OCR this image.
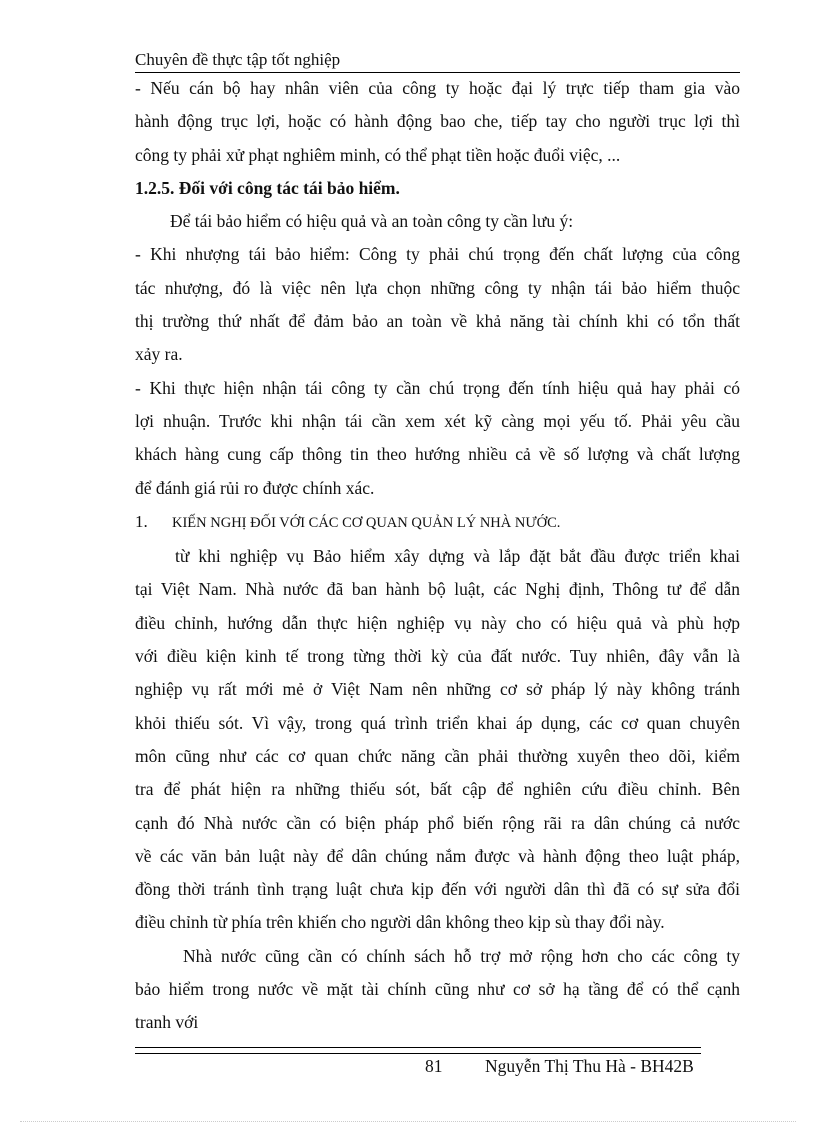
Chuyên đề thực tập tốt nghiệp

- Nếu cán bộ hay nhân viên của công ty hoặc đại lý trực tiếp tham gia vào
hành động trục lợi, hoặc có hành động bao che, tiếp tay cho người trục lợi thì
công ty phải xử phạt nghiêm minh, có thể phạt tiền hoặc đuổi việc, ...

1.2.5. Đối với công tác tái bảo hiểm.

Để tái bảo hiểm có hiệu quả và an toàn công ty cần lưu ý:

- Khi nhượng tái bảo hiểm: Công ty phải chú trọng đến chất lượng của công
tác nhượng, đó là việc nên lựa chọn những công ty nhận tái bảo hiểm thuộc
thị trường thứ nhất để đảm bảo an toàn về khả năng tài chính khi có tổn thất
xảy ra.

- Khi thực hiện nhận tái công ty cần chú trọng đến tính hiệu quả hay phải có
lợi nhuận. Trước khi nhận tái cần xem xét kỹ càng mọi yếu tố. Phải yêu cầu
khách hàng cung cấp thông tin theo hướng nhiều cả về số lượng và chất lượng
để đánh giá rủi ro được chính xác.

1. KIẾN NGHỊ ĐỐI VỚI CÁC CƠ QUAN QUẢN LÝ NHÀ NƯỚC.

từ khi nghiệp vụ Bảo hiểm xây dựng và lắp đặt bắt đầu được triển khai
tại Việt Nam. Nhà nước đã ban hành bộ luật, các Nghị định, Thông tư để dẫn
điều chỉnh, hướng dẫn thực hiện nghiệp vụ này cho có hiệu quả và phù hợp
với điều kiện kinh tế trong từng thời kỳ của đất nước. Tuy nhiên, đây vẫn là
nghiệp vụ rất mới mẻ ở Việt Nam nên những cơ sở pháp lý này không tránh
khỏi thiếu sót. Vì vậy, trong quá trình triển khai áp dụng, các cơ quan chuyên
môn cũng như các cơ quan chức năng cần phải thường xuyên theo dõi, kiểm
tra để phát hiện ra những thiếu sót, bất cập để nghiên cứu điều chỉnh. Bên
cạnh đó Nhà nước cần có biện pháp phổ biến rộng rãi ra dân chúng cả nước
về các văn bản luật này để dân chúng nắm được và hành động theo luật pháp,
đồng thời tránh tình trạng luật chưa kịp đến với người dân thì đã có sự sửa đổi
điều chỉnh từ phía trên khiến cho người dân không theo kịp sù thay đổi này.

Nhà nước cũng cần có chính sách hỗ trợ mở rộng hơn cho các công ty
bảo hiểm trong nước về mặt tài chính cũng như cơ sở hạ tầng để có thể cạnh
tranh với

81 Nguyễn Thị Thu Hà - BH42B
